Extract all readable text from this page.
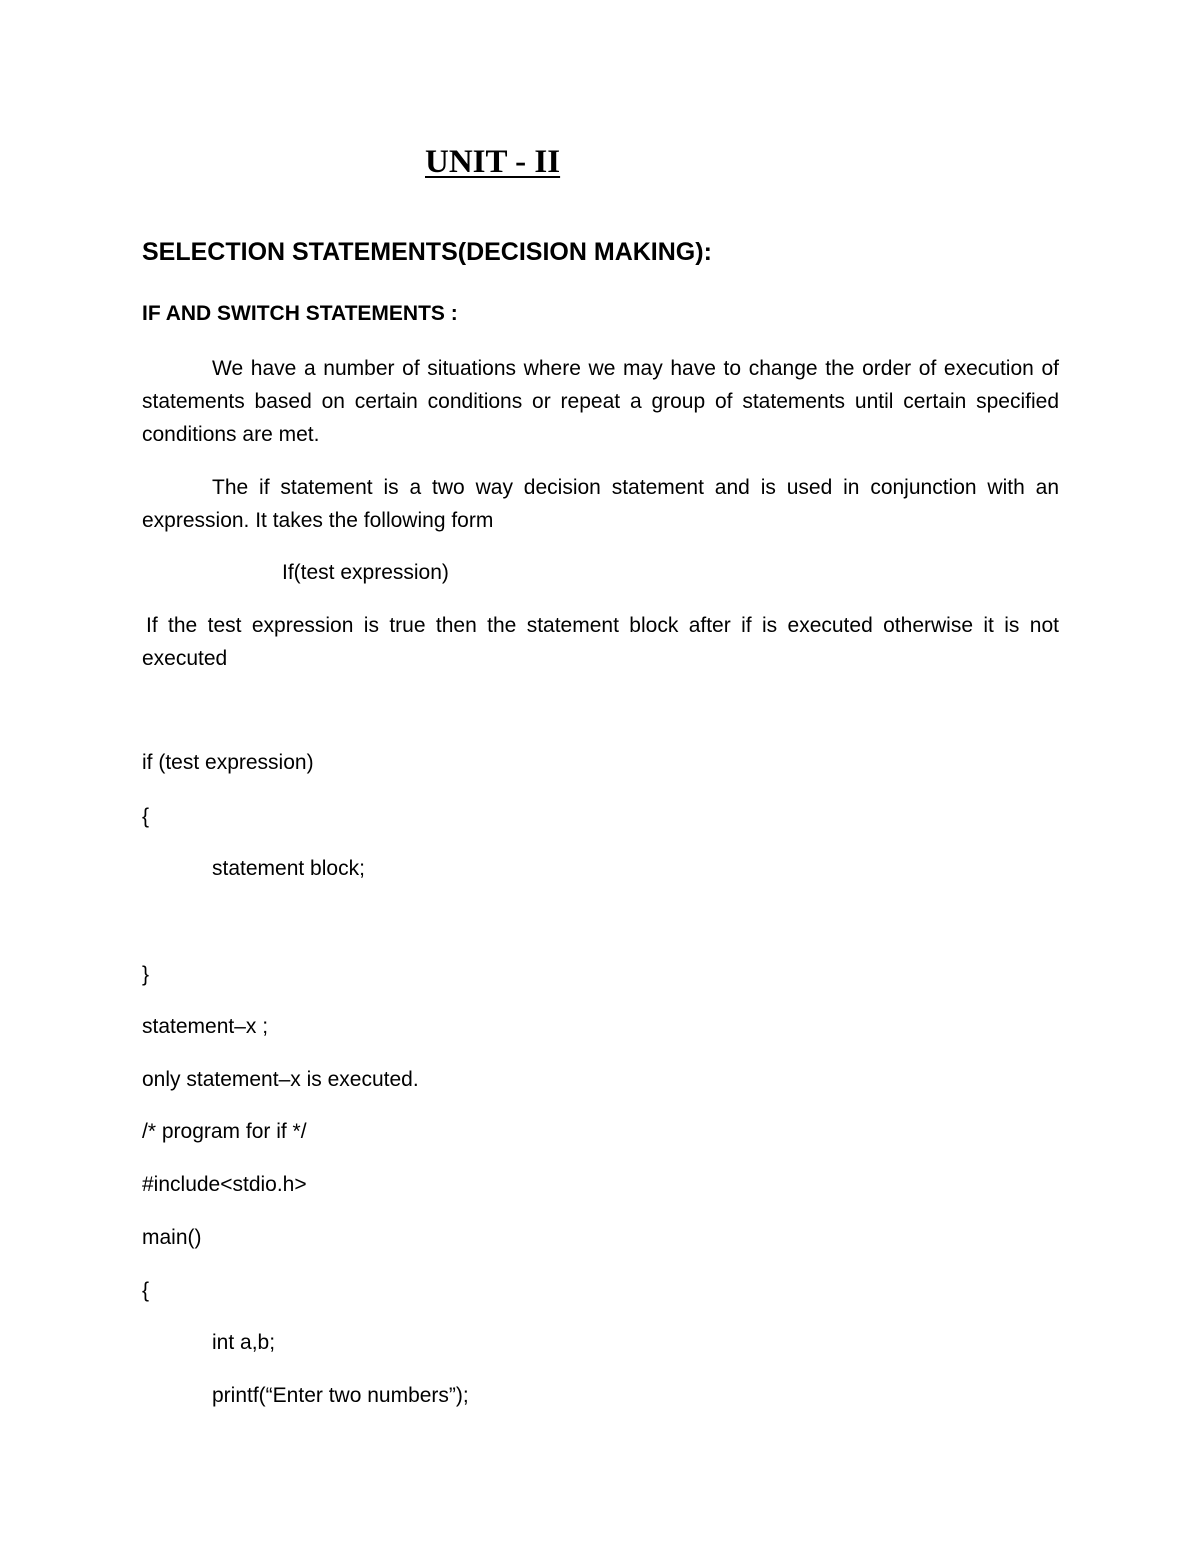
UNIT - II
SELECTION STATEMENTS(DECISION MAKING):
IF AND SWITCH STATEMENTS :
We have a number of situations where we may have to change the order of execution of
statements based on certain conditions or repeat a group of statements until certain specified
conditions are met.
The if statement is a two way decision statement and is used in conjunction with an
expression. It takes the following form
If(test expression)
If the test expression is true then the statement block after if is executed otherwise it is not
executed
if (test expression)
{
statement block;
}
statement–x ;
only statement–x is executed.
/* program for if */
#include<stdio.h>
main()
{
int a,b;
printf(“Enter two numbers”);
